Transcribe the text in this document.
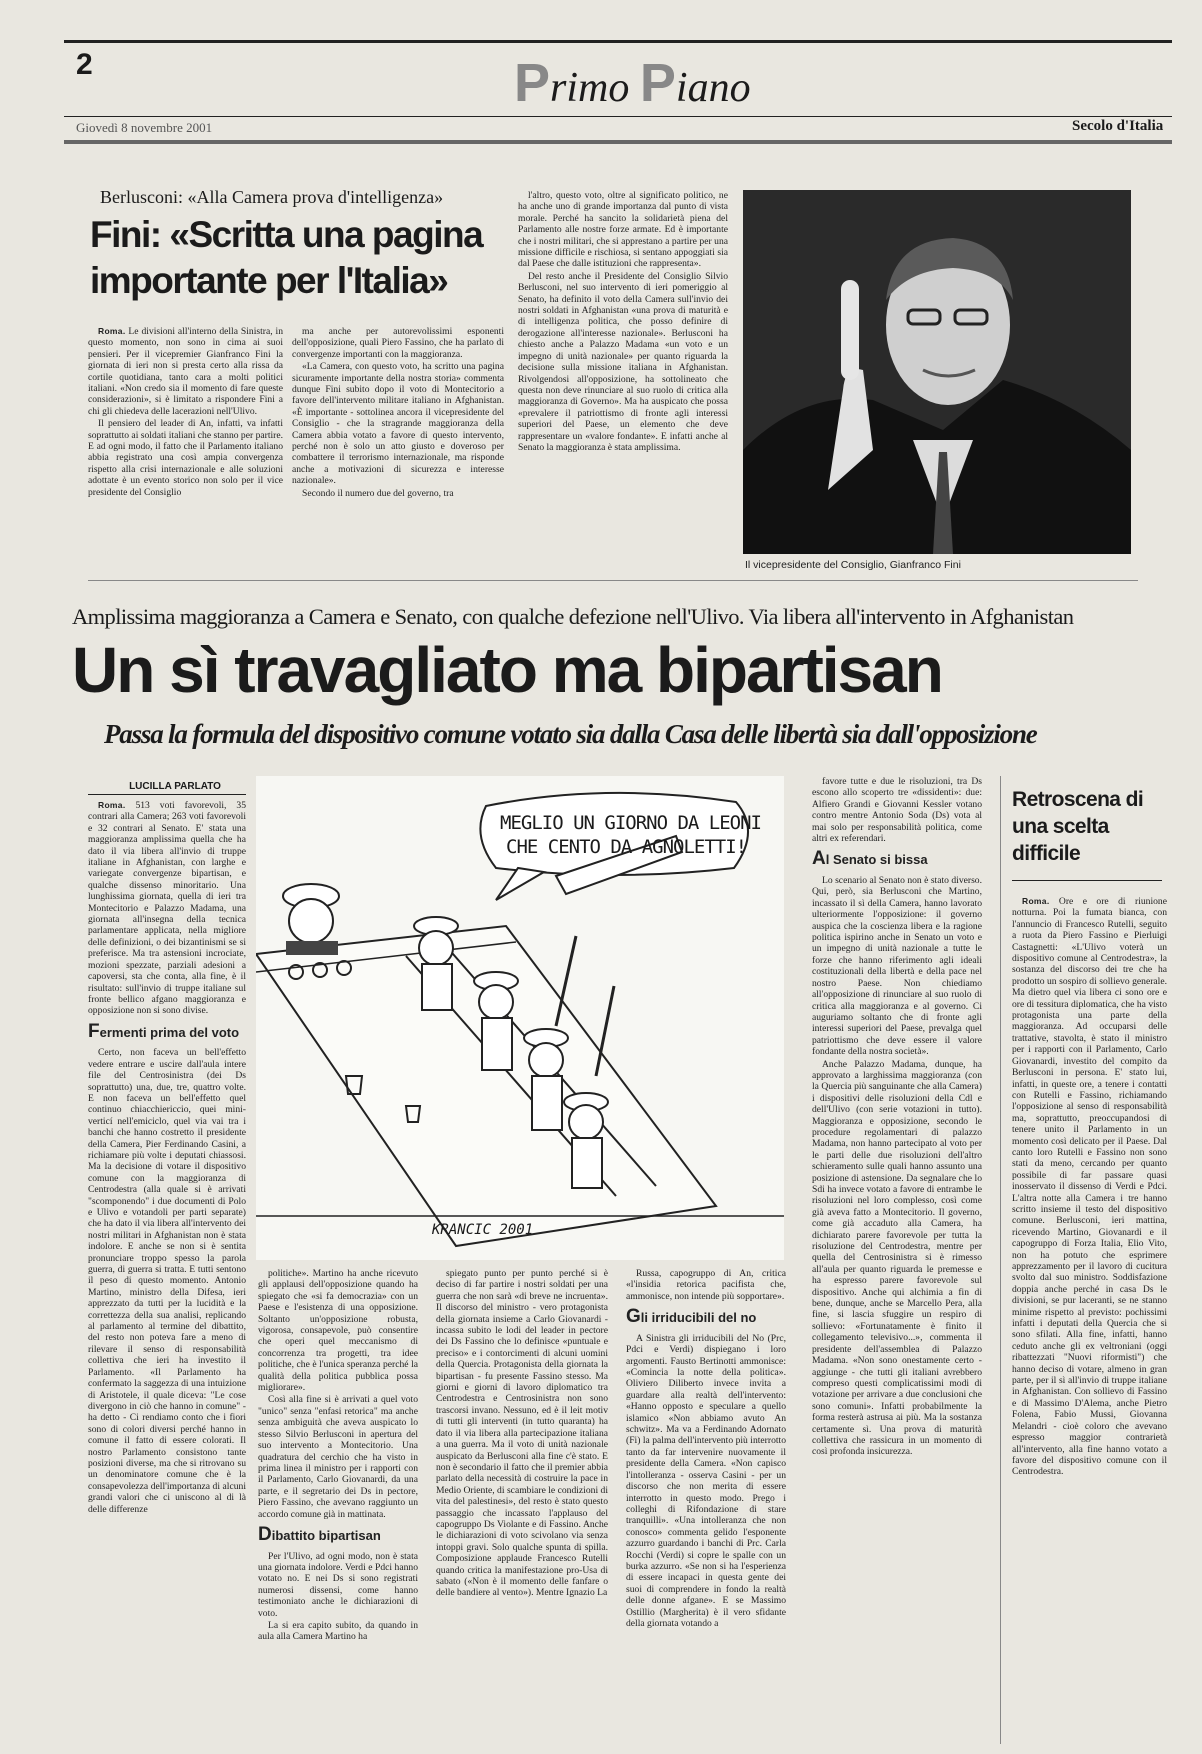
2	Primo Piano
Giovedì 8 novembre 2001	Secolo d'Italia
Berlusconi: «Alla Camera prova d'intelligenza»
Fini: «Scritta una pagina importante per l'Italia»

Roma. Le divisioni all'interno della Sinistra, in questo momento, non sono in cima ai suoi pensieri. Per il vicepremier Gianfranco Fini la giornata di ieri non si presta certo alla rissa da cortile quotidiana, tanto cara a molti politici italiani. «Non credo sia il momento di fare queste considerazioni», si è limitato a rispondere Fini a chi gli chiedeva delle lacerazioni nell'Ulivo.

Il pensiero del leader di An, infatti, va infatti soprattutto ai soldati italiani che stanno per partire. E ad ogni modo, il fatto che il Parlamento italiano abbia registrato una così ampia convergenza rispetto alla crisi internazionale e alle soluzioni adottate è un evento storico non solo per il vice presidente del Consiglio

ma anche per autorevolissimi esponenti dell'opposizione, quali Piero Fassino, che ha parlato di convergenze importanti con la maggioranza.

«La Camera, con questo voto, ha scritto una pagina sicuramente importante della nostra storia» commenta dunque Fini subito dopo il voto di Montecitorio a favore dell'intervento militare italiano in Afghanistan. «È importante - sottolinea ancora il vicepresidente del Consiglio - che la stragrande maggioranza della Camera abbia votato a favore di questo intervento, perché non è solo un atto giusto e doveroso per combattere il terrorismo internazionale, ma risponde anche a motivazioni di sicurezza e interesse nazionale».

Secondo il numero due del governo, tra

l'altro, questo voto, oltre al significato politico, ne ha anche uno di grande importanza dal punto di vista morale. Perché ha sancito la solidarietà piena del Parlamento alle nostre forze armate. Ed è importante che i nostri militari, che si apprestano a partire per una missione difficile e rischiosa, si sentano appoggiati sia dal Paese che dalle istituzioni che rappresenta».

Del resto anche il Presidente del Consiglio Silvio Berlusconi, nel suo intervento di ieri pomeriggio al Senato, ha definito il voto della Camera sull'invio dei nostri soldati in Afghanistan «una prova di maturità e di intelligenza politica, che posso definire di derogazione all'interesse nazionale». Berlusconi ha chiesto anche a Palazzo Madama «un voto e un impegno di unità nazionale» per quanto riguarda la decisione sulla missione italiana in Afghanistan. Rivolgendosi all'opposizione, ha sottolineato che questa non deve rinunciare al suo ruolo di critica alla maggioranza di Governo». Ma ha auspicato che possa «prevalere il patriottismo di fronte agli interessi superiori del Paese, un elemento che deve rappresentare un «valore fondante». E infatti anche al Senato la maggioranza è stata amplissima.

Il vicepresidente del Consiglio, Gianfranco Fini
Amplissima maggioranza a Camera e Senato, con qualche defezione nell'Ulivo. Via libera all'intervento in Afghanistan
Un sì travagliato ma bipartisan
Passa la formula del dispositivo comune votato sia dalla Casa delle libertà sia dall'opposizione
LUCILLA PARLATO

Roma. 513 voti favorevoli, 35 contrari alla Camera; 263 voti favorevoli e 32 contrari al Senato. E' stata una maggioranza amplissima quella che ha dato il via libera all'invio di truppe italiane in Afghanistan, con larghe e variegate convergenze bipartisan, e qualche dissenso minoritario. Una lunghissima giornata, quella di ieri tra Montecitorio e Palazzo Madama, una giornata all'insegna della tecnica parlamentare applicata, nella migliore delle definizioni, o dei bizantinismi se si preferisce. Ma tra astensioni incrociate, mozioni spezzate, parziali adesioni a capoversi, sta che conta, alla fine, è il risultato: sull'invio di truppe italiane sul fronte bellico afgano maggioranza e opposizione non si sono divise.

Fermenti prima del voto

Certo, non faceva un bell'effetto vedere entrare e uscire dall'aula intere file del Centrosinistra (dei Ds soprattutto) una, due, tre, quattro volte. E non faceva un bell'effetto quel continuo chiacchiericcio, quei mini-verticí nell'emiciclo, quel via vai tra i banchi che hanno costretto il presidente della Camera, Pier Ferdinando Casini, a richiamare più volte i deputati chiassosi. Ma la decisione di votare il dispositivo comune con la maggioranza di Centrodestra (alla quale si è arrivati "scomponendo" i due documenti di Polo e Ulivo e votandoli per parti separate) che ha dato il via libera all'intervento dei nostri militari in Afghanistan non è stata indolore. E anche se non si è sentita pronunciare troppo spesso la parola guerra, di guerra si tratta. E tutti sentono il peso di questo momento. Antonio Martino, ministro della Difesa, ieri apprezzato da tutti per la lucidità e la correttezza della sua analisi, replicando al parlamento al termine del dibattito, del resto non poteva fare a meno di rilevare il senso di responsabilità collettiva che ieri ha investito il Parlamento. «Il Parlamento ha confermato la saggezza di una intuizione di Aristotele, il quale diceva: "Le cose divergono in ciò che hanno in comune" - ha detto - Ci rendiamo conto che i fiori sono di colori diversi perché hanno in comune il fatto di essere colorati. Il nostro Parlamento consistono tante posizioni diverse, ma che si ritrovano su un denominatore comune che è la consapevolezza dell'importanza di alcuni grandi valori che ci uniscono al di là delle differenze

MEGLIO UN GIORNO DA LEONI
CHE CENTO DA AGNOLETTI!
KRANCIC 2001

politiche». Martino ha anche ricevuto gli applausi dell'opposizione quando ha spiegato che «si fa democrazia» con un Paese e l'esistenza di una opposizione. Soltanto un'opposizione robusta, vigorosa, consapevole, può consentire che operi quel meccanismo di concorrenza tra progetti, tra idee politiche, che è l'unica speranza perché la qualità della politica pubblica possa migliorare».

Così alla fine si è arrivati a quel voto "unico" senza "enfasi retorica" ma anche senza ambiguità che aveva auspicato lo stesso Silvio Berlusconi in apertura del suo intervento a Montecitorio. Una quadratura del cerchio che ha visto in prima linea il ministro per i rapporti con il Parlamento, Carlo Giovanardi, da una parte, e il segretario dei Ds in pectore, Piero Fassino, che avevano raggiunto un accordo comune già in mattinata.

Dibattito bipartisan

Per l'Ulivo, ad ogni modo, non è stata una giornata indolore. Verdi e Pdci hanno votato no. E nei Ds si sono registrati numerosi dissensi, come hanno testimoniato anche le dichiarazioni di voto.

La si era capito subito, da quando in aula alla Camera Martino ha

spiegato punto per punto perché si è deciso di far partire i nostri soldati per una guerra che non sarà «di breve ne incruenta». Il discorso del ministro - vero protagonista della giornata insieme a Carlo Giovanardi - incassa subito le lodi del leader in pectore dei Ds Fassino che lo definisce «puntuale e preciso» e i contorcimenti di alcuni uomini della Quercia. Protagonista della giornata la bipartisan - fu presente Fassino stesso. Ma giorni e giorni di lavoro diplomatico tra Centrodestra e Centrosinistra non sono trascorsi invano. Nessuno, ed è il leit motiv di tutti gli interventi (in tutto quaranta) ha dato il via libera alla partecipazione italiana a una guerra. Ma il voto di unità nazionale auspicato da Berlusconi alla fine c'è stato. E non è secondario il fatto che il premier abbia parlato della necessità di costruire la pace in Medio Oriente, di scambiare le condizioni di vita del palestinesi», del resto è stato questo passaggio che incassato l'applauso del capogruppo Ds Violante e di Fassino. Anche le dichiarazioni di voto scivolano via senza intoppi gravi. Solo qualche spunta di spilla. Composizione applaude Francesco Rutelli quando critica la manifestazione pro-Usa di sabato («Non è il momento delle fanfare o delle bandiere al vento»). Mentre Ignazio La

Russa, capogruppo di An, critica «l'insidia retorica pacifista che, ammonisce, non intende più sopportare».

Gli irriducibili del no

A Sinistra gli irriducibili del No (Prc, Pdci e Verdi) dispiegano i loro argomenti. Fausto Bertinotti ammonisce: «Comincia la notte della politica». Oliviero Diliberto invece invita a guardare alla realtà dell'intervento: «Hanno opposto e speculare a quello islamico «Non abbiamo avuto An schwitz». Ma va a Ferdinando Adornato (Fi) la palma dell'intervento più interrotto tanto da far intervenire nuovamente il presidente della Camera. «Non capisco l'intolleranza - osserva Casini - per un discorso che non merita di essere interrotto in questo modo. Prego i colleghi di Rifondazione di stare tranquilli». «Una intolleranza che non conosco» commenta gelido l'esponente azzurro guardando i banchi di Prc. Carla Rocchi (Verdi) si copre le spalle con un burka azzurro. «Se non si ha l'esperienza di essere incapaci in questa gente dei suoi di comprendere in fondo la realtà delle donne afgane». E se Massimo Ostillio (Margherita) è il vero sfidante della giornata votando a

favore tutte e due le risoluzioni, tra Ds escono allo scoperto tre «dissidenti»: due: Alfiero Grandi e Giovanni Kessler votano contro mentre Antonio Soda (Ds) vota al mai solo per responsabilità politica, come altri ex referendari.

Al Senato si bissa

Lo scenario al Senato non è stato diverso. Qui, però, sia Berlusconi che Martino, incassato il sì della Camera, hanno lavorato ulteriormente l'opposizione: il governo auspica che la coscienza libera e la ragione politica ispirino anche in Senato un voto e un impegno di unità nazionale a tutte le forze che hanno riferimento agli ideali costituzionali della libertà e della pace nel nostro Paese. Non chiediamo all'opposizione di rinunciare al suo ruolo di critica alla maggioranza e al governo. Ci auguriamo soltanto che di fronte agli interessi superiori del Paese, prevalga quel patriottismo che deve essere il valore fondante della nostra società».

Anche Palazzo Madama, dunque, ha approvato a larghissima maggioranza (con la Quercia più sanguinante che alla Camera) i dispositivi delle risoluzioni della Cdl e dell'Ulivo (con serie votazioni in tutto). Maggioranza e opposizione, secondo le procedure regolamentari di palazzo Madama, non hanno partecipato al voto per le parti delle due risoluzioni dell'altro schieramento sulle quali hanno assunto una posizione di astensione. Da segnalare che lo Sdi ha invece votato a favore di entrambe le risoluzioni nel loro complesso, così come già aveva fatto a Montecitorio. Il governo, come già accaduto alla Camera, ha dichiarato parere favorevole per tutta la risoluzione del Centrodestra, mentre per quella del Centrosinistra si è rimesso all'aula per quanto riguarda le premesse e ha espresso parere favorevole sul dispositivo. Anche qui alchimia a fin di bene, dunque, anche se Marcello Pera, alla fine, si lascia sfuggire un respiro di sollievo: «Fortunatamente è finito il collegamento televisivo...», commenta il presidente dell'assemblea di Palazzo Madama. «Non sono onestamente certo - aggiunge - che tutti gli italiani avrebbero compreso questi complicatissimi modi di votazione per arrivare a due conclusioni che sono comuni». Infatti probabilmente la forma resterà astrusa ai più. Ma la sostanza certamente sì. Una prova di maturità collettiva che rassicura in un momento di così profonda insicurezza.

Retroscena di una scelta difficile

Roma. Ore e ore di riunione notturna. Poi la fumata bianca, con l'annuncio di Francesco Rutelli, seguito a ruota da Piero Fassino e Pierluigi Castagnetti: «L'Ulivo voterà un dispositivo comune al Centrodestra», la sostanza del discorso dei tre che ha prodotto un sospiro di sollievo generale. Ma dietro quel via libera ci sono ore e ore di tessitura diplomatica, che ha visto protagonista una parte della maggioranza. Ad occuparsi delle trattative, stavolta, è stato il ministro per i rapporti con il Parlamento, Carlo Giovanardi, investito del compito da Berlusconi in persona. E' stato lui, infatti, in queste ore, a tenere i contatti con Rutelli e Fassino, richiamando l'opposizione al senso di responsabilità ma, soprattutto, preoccupandosi di tenere unito il Parlamento in un momento così delicato per il Paese. Dal canto loro Rutelli e Fassino non sono stati da meno, cercando per quanto possibile di far passare quasi inosservato il dissenso di Verdi e Pdci. L'altra notte alla Camera i tre hanno scritto insieme il testo del dispositivo comune. Berlusconi, ieri mattina, ricevendo Martino, Giovanardi e il capogruppo di Forza Italia, Elio Vito, non ha potuto che esprimere apprezzamento per il lavoro di cucitura svolto dal suo ministro. Soddisfazione doppia anche perché in casa Ds le divisioni, se pur laceranti, se ne stanno minime rispetto al previsto: pochissimi infatti i deputati della Quercia che si sono sfilati. Alla fine, infatti, hanno ceduto anche gli ex veltroniani (oggi ribattezzati "Nuovi riformisti") che hanno deciso di votare, almeno in gran parte, per il sì all'invio di truppe italiane in Afghanistan. Con sollievo di Fassino e di Massimo D'Alema, anche Pietro Folena, Fabio Mussi, Giovanna Melandri - cioè coloro che avevano espresso maggior contrarietà all'intervento, alla fine hanno votato a favore del dispositivo comune con il Centrodestra.
